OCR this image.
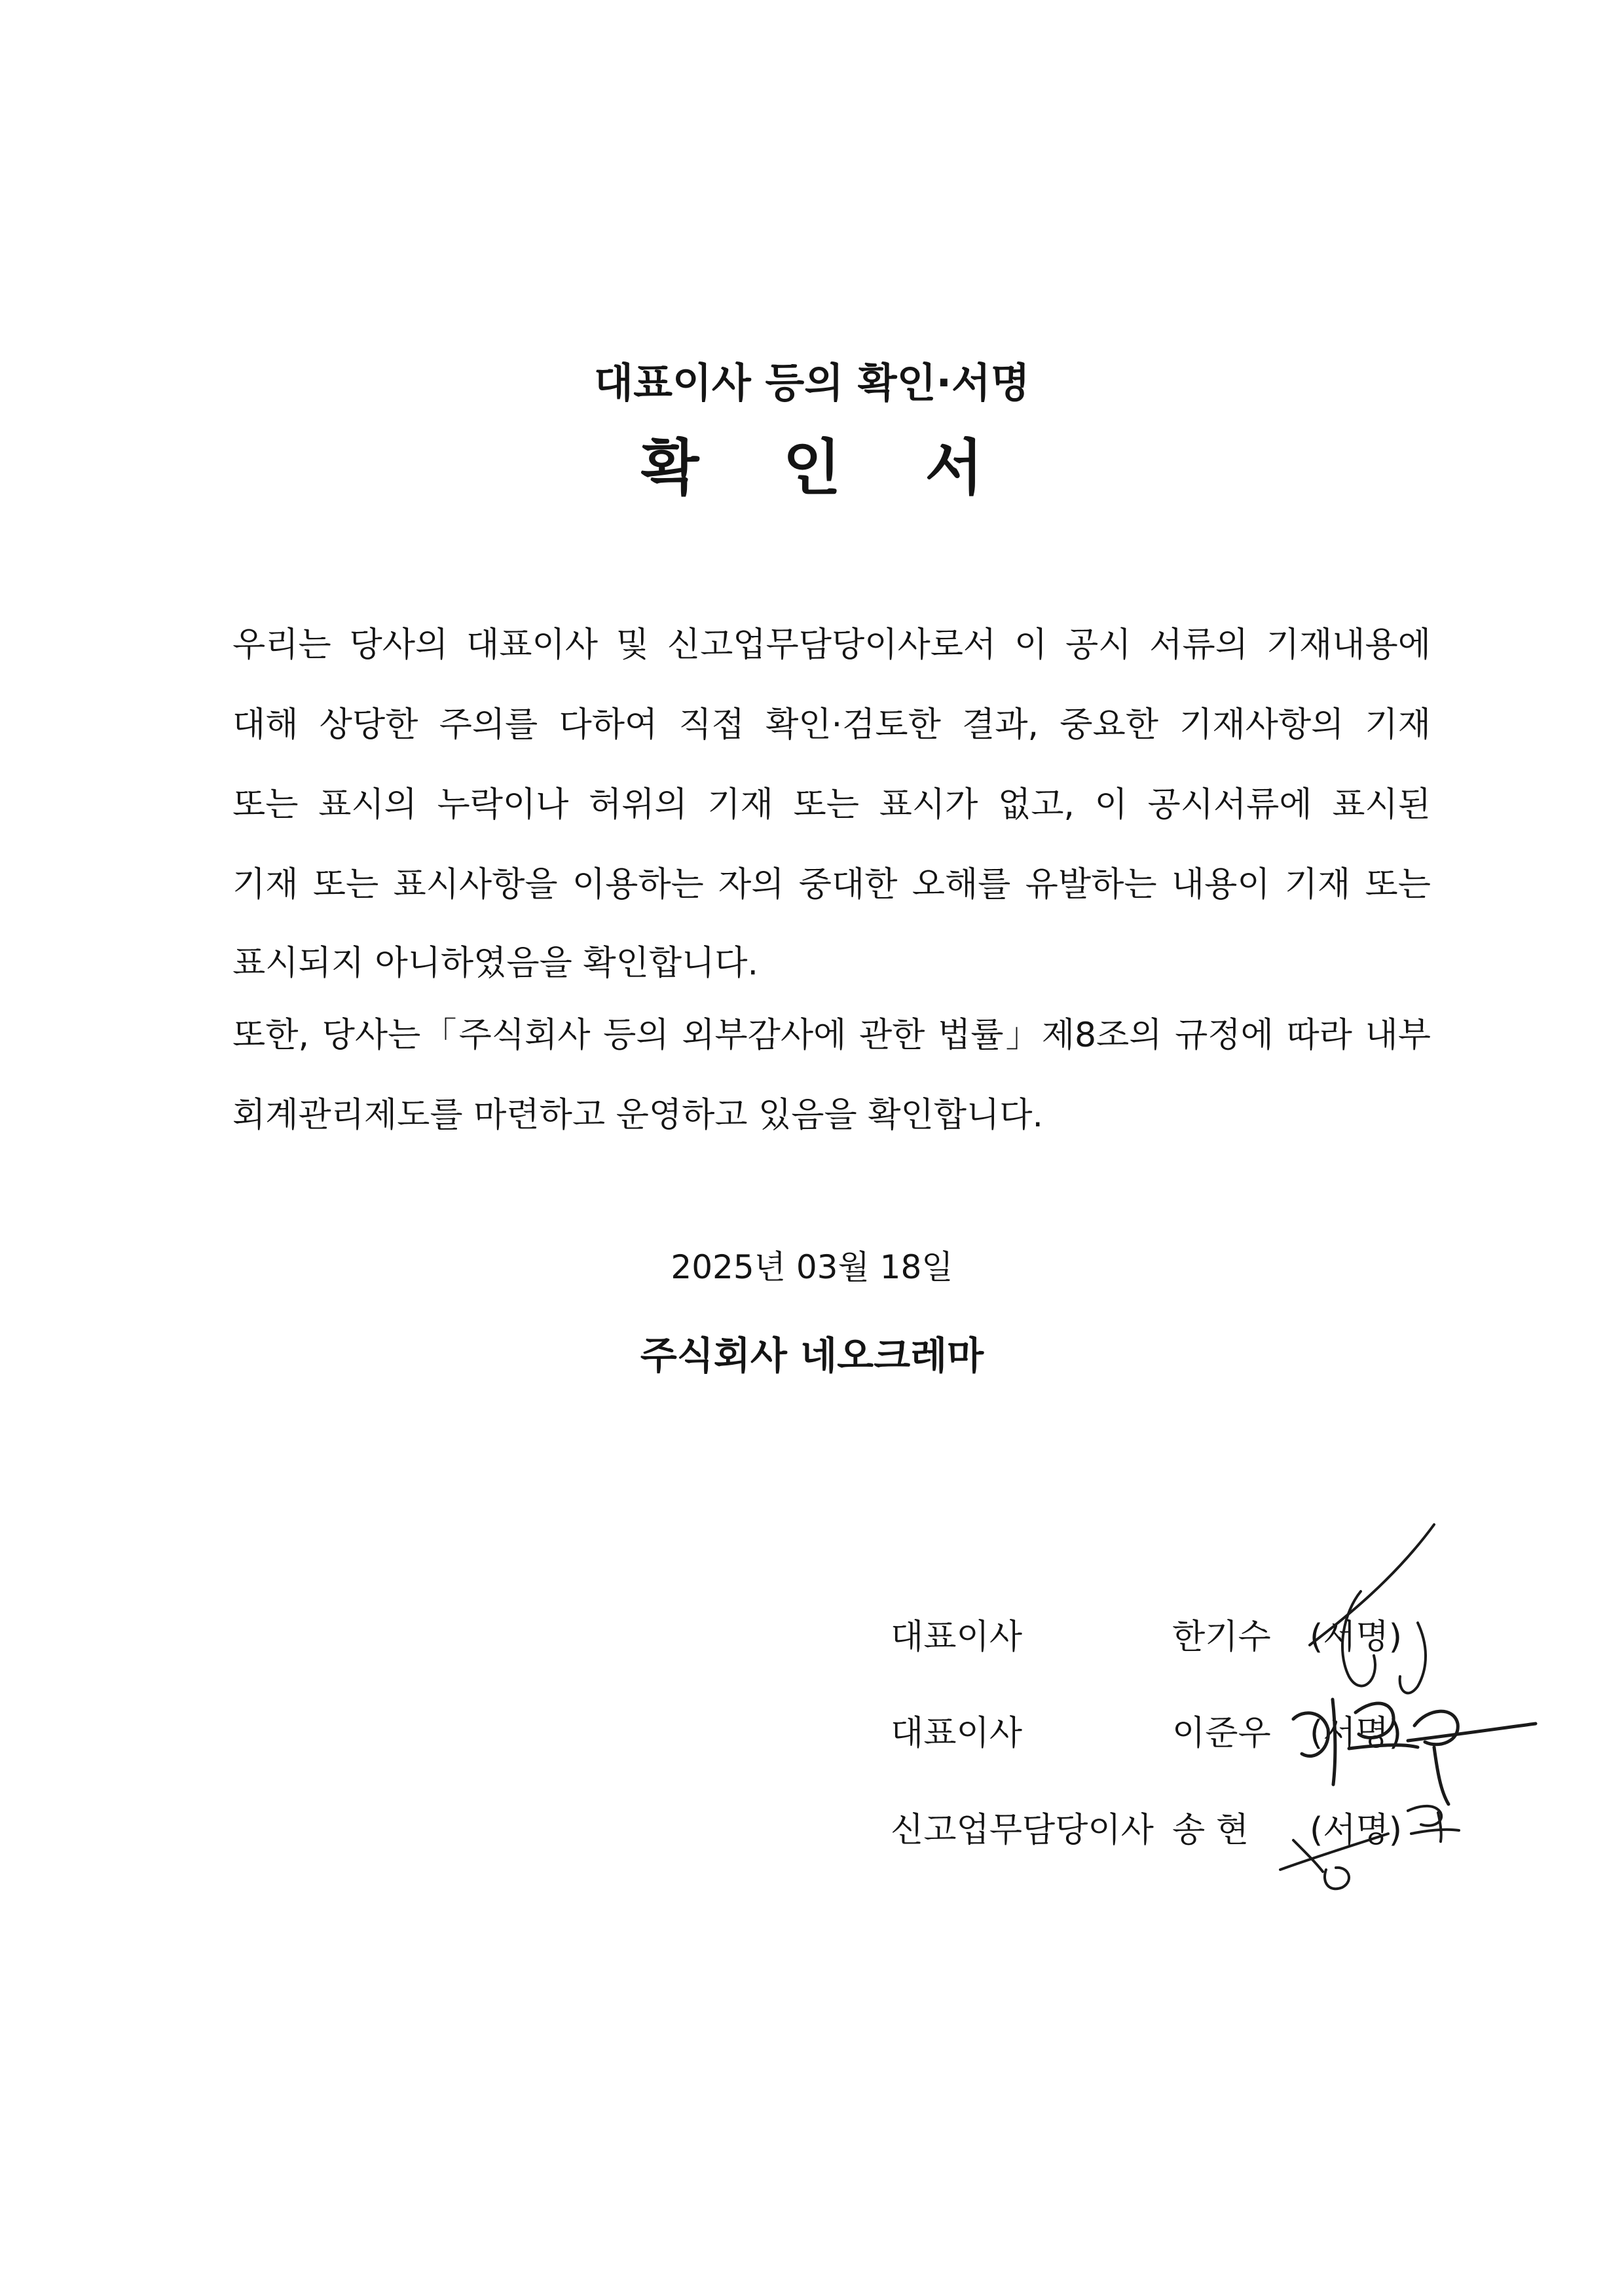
대표이사 등의 확인·서명
확 인 서
우리는 당사의 대표이사 및 신고업무담당이사로서 이 공시 서류의 기재내용에
대해 상당한 주의를 다하여 직접 확인·검토한 결과, 중요한 기재사항의 기재
또는 표시의 누락이나 허위의 기재 또는 표시가 없고, 이 공시서류에 표시된
기재 또는 표시사항을 이용하는 자의 중대한 오해를 유발하는 내용이 기재 또는
표시되지 아니하였음을 확인합니다.
또한, 당사는「주식회사 등의 외부감사에 관한 법률」제8조의 규정에 따라 내부
회계관리제도를 마련하고 운영하고 있음을 확인합니다.
2025년 03월 18일
주식회사 네오크레마
대표이사	한기수 (서명)
대표이사	이준우 (서명)
신고업무담당이사 송 현 (서명)
